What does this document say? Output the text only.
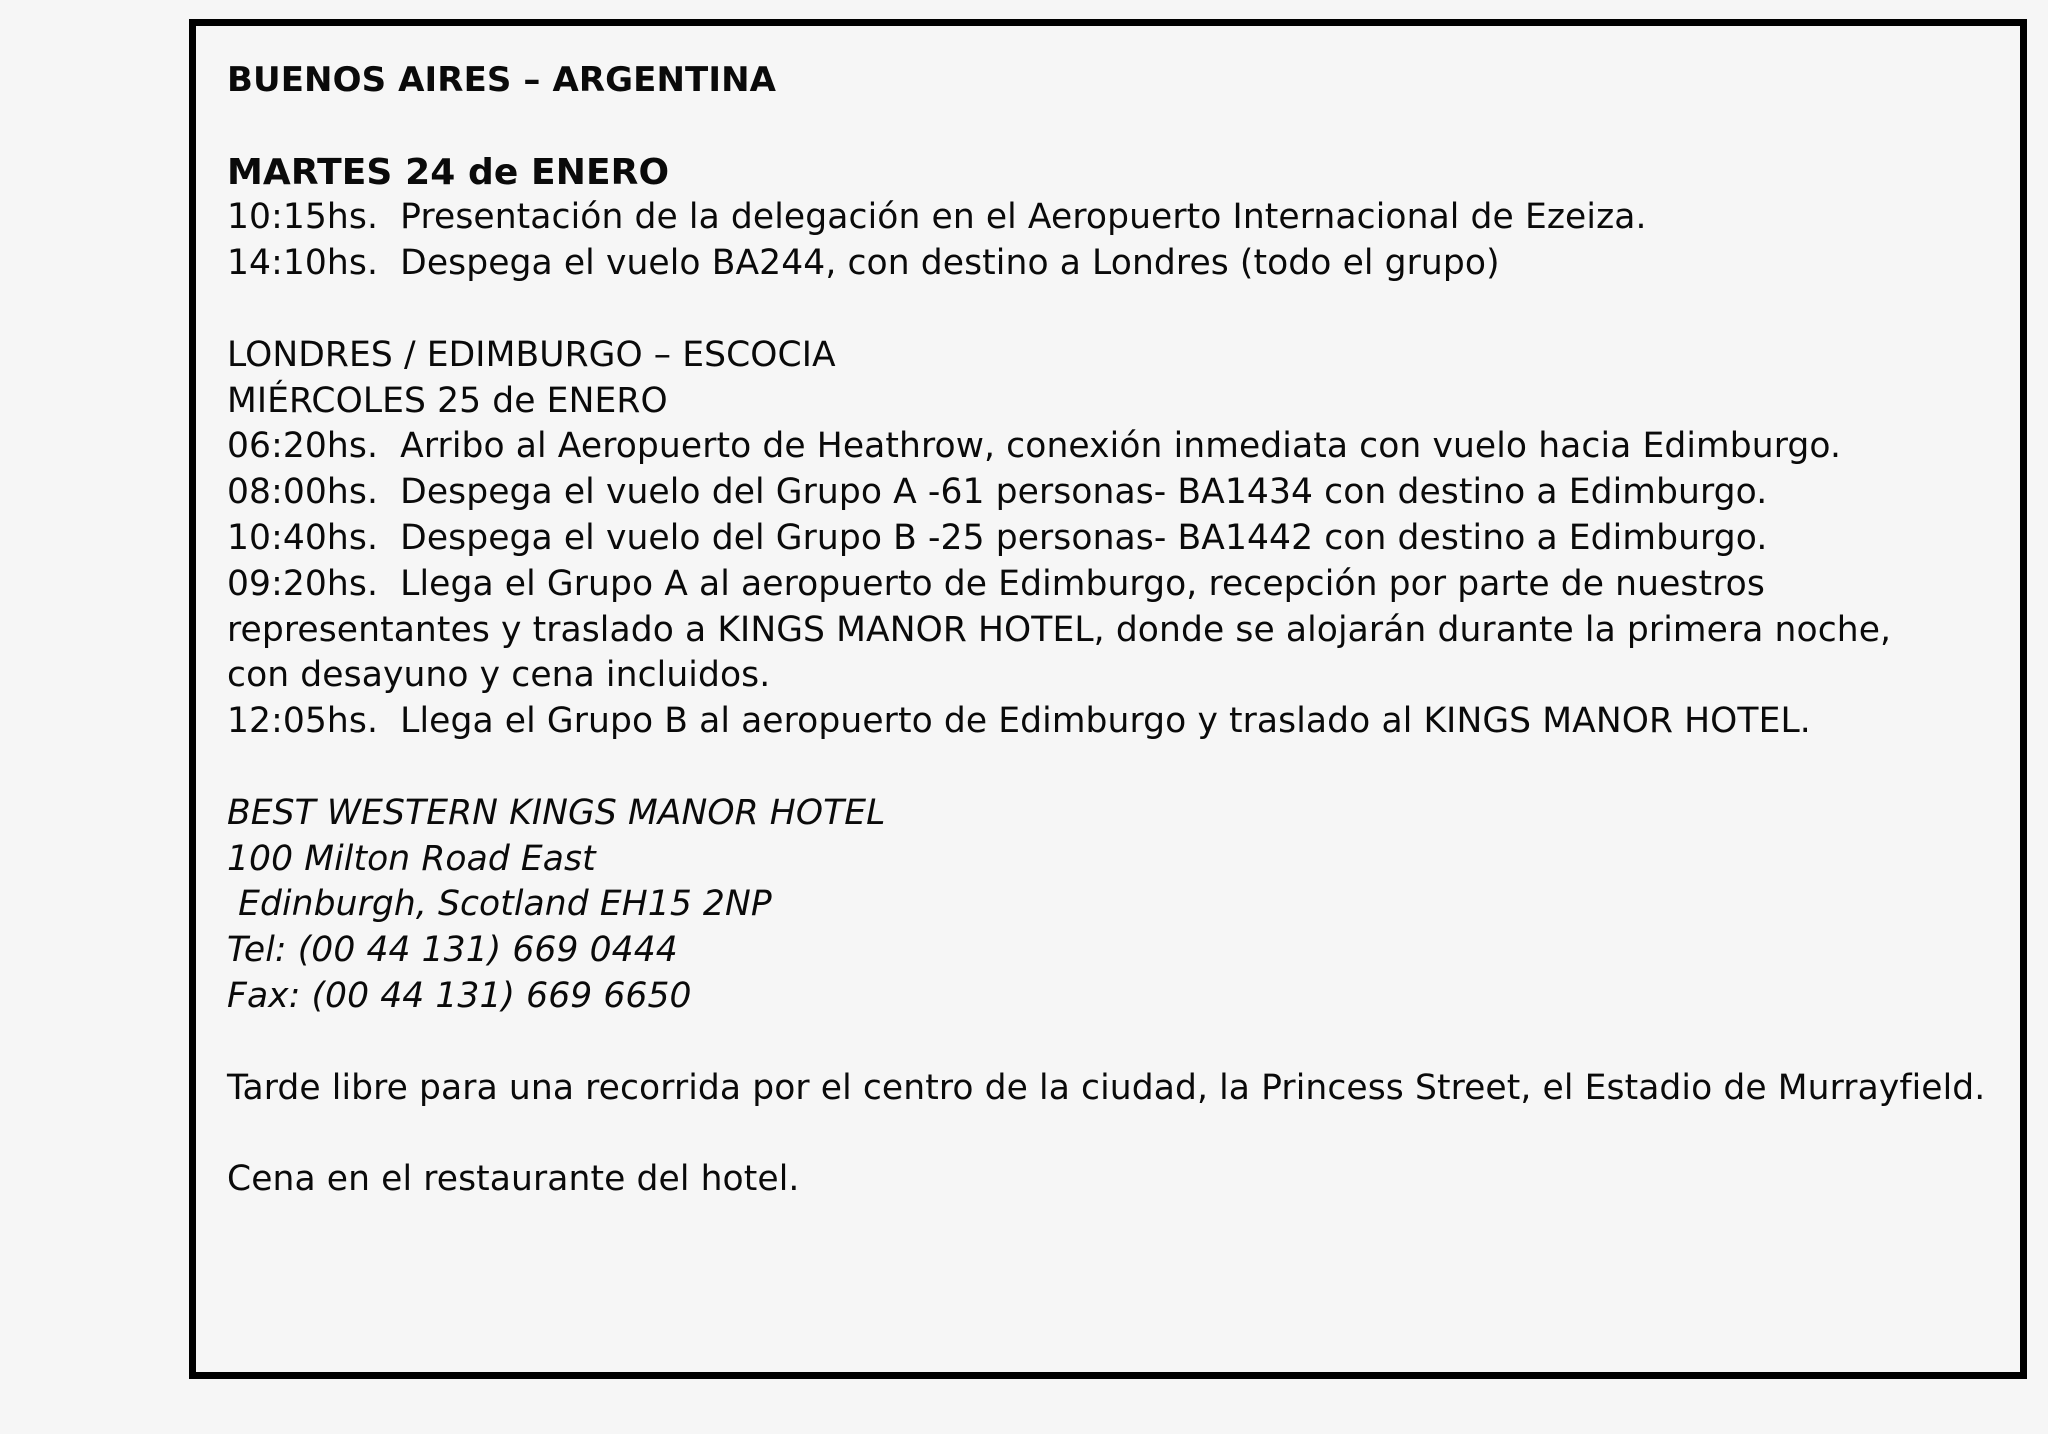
BUENOS AIRES – ARGENTINA

MARTES 24 de ENERO

10:15hs.  Presentación de la delegación en el Aeropuerto Internacional de Ezeiza.

14:10hs.  Despega el vuelo BA244, con destino a Londres (todo el grupo)

LONDRES / EDIMBURGO – ESCOCIA

MIÉRCOLES 25 de ENERO

06:20hs.  Arribo al Aeropuerto de Heathrow, conexión inmediata con vuelo hacia Edimburgo.

08:00hs.  Despega el vuelo del Grupo A -61 personas- BA1434 con destino a Edimburgo.

10:40hs.  Despega el vuelo del Grupo B -25 personas- BA1442 con destino a Edimburgo.

09:20hs.  Llega el Grupo A al aeropuerto de Edimburgo, recepción por parte de nuestros

representantes y traslado a KINGS MANOR HOTEL, donde se alojarán durante la primera noche,

con desayuno y cena incluidos.

12:05hs.  Llega el Grupo B al aeropuerto de Edimburgo y traslado al KINGS MANOR HOTEL.

BEST WESTERN KINGS MANOR HOTEL

100 Milton Road East

Edinburgh, Scotland EH15 2NP

Tel: (00 44 131) 669 0444

Fax: (00 44 131) 669 6650

Tarde libre para una recorrida por el centro de la ciudad, la Princess Street, el Estadio de Murrayfield.

Cena en el restaurante del hotel.
